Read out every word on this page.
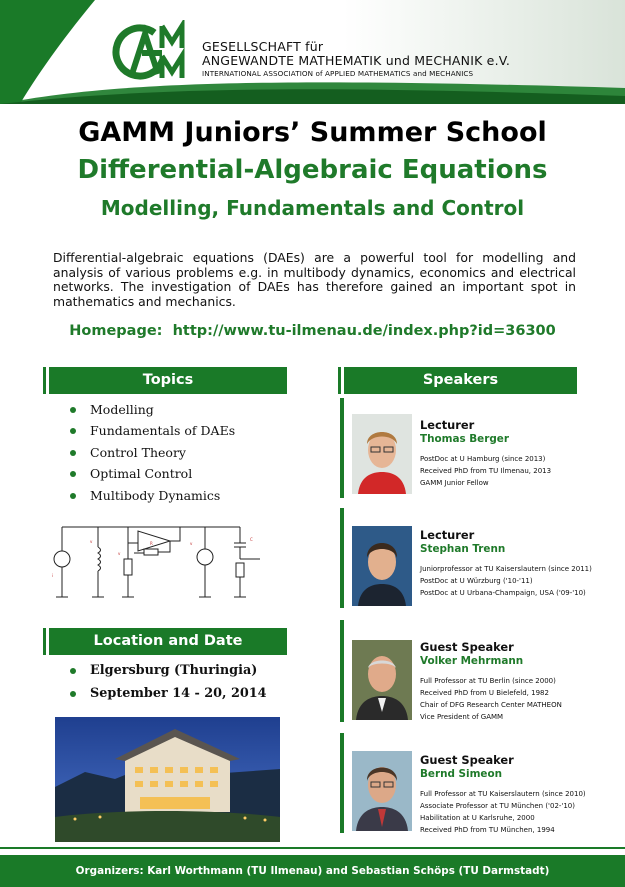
GESELLSCHAFT für
ANGEWANDTE MATHEMATIK und MECHANIK e.V.
INTERNATIONAL ASSOCIATION of APPLIED MATHEMATICS and MECHANICS
GAMM Juniors’ Summer School
Differential-Algebraic Equations
Modelling, Fundamentals and Control

Differential-algebraic equations (DAEs) are a powerful tool for modelling and analysis of various problems e.g. in multibody dynamics, economics and electrical networks. The investigation of DAEs has therefore gained an important spot in mathematics and mechanics.

Homepage: http://www.tu-ilmenau.de/index.php?id=36300
Topics
Modelling
Fundamentals of DAEs
Control Theory
Optimal Control
Multibody Dynamics
i
v
v
R	v
C
Location and Date
Elgersburg (Thuringia)
September 14 - 20, 2014
Speakers
Lecturer
Thomas Berger
PostDoc at U Hamburg (since 2013)
Received PhD from TU Ilmenau, 2013
GAMM Junior Fellow
Lecturer
Stephan Trenn
Juniorprofessor at TU Kaiserslautern (since 2011)
PostDoc at U Würzburg ('10-'11)
PostDoc at U Urbana-Champaign, USA ('09-'10)
Guest Speaker
Volker Mehrmann
Full Professor at TU Berlin (since 2000)
Received PhD from U Bielefeld, 1982
Chair of DFG Research Center MATHEON
Vice President of GAMM
Guest Speaker
Bernd Simeon
Full Professor at TU Kaiserslautern (since 2010)
Associate Professor at TU München ('02-'10)
Habilitation at U Karlsruhe, 2000
Received PhD from TU München, 1994
Organizers: Karl Worthmann (TU Ilmenau) and Sebastian Schöps (TU Darmstadt)
